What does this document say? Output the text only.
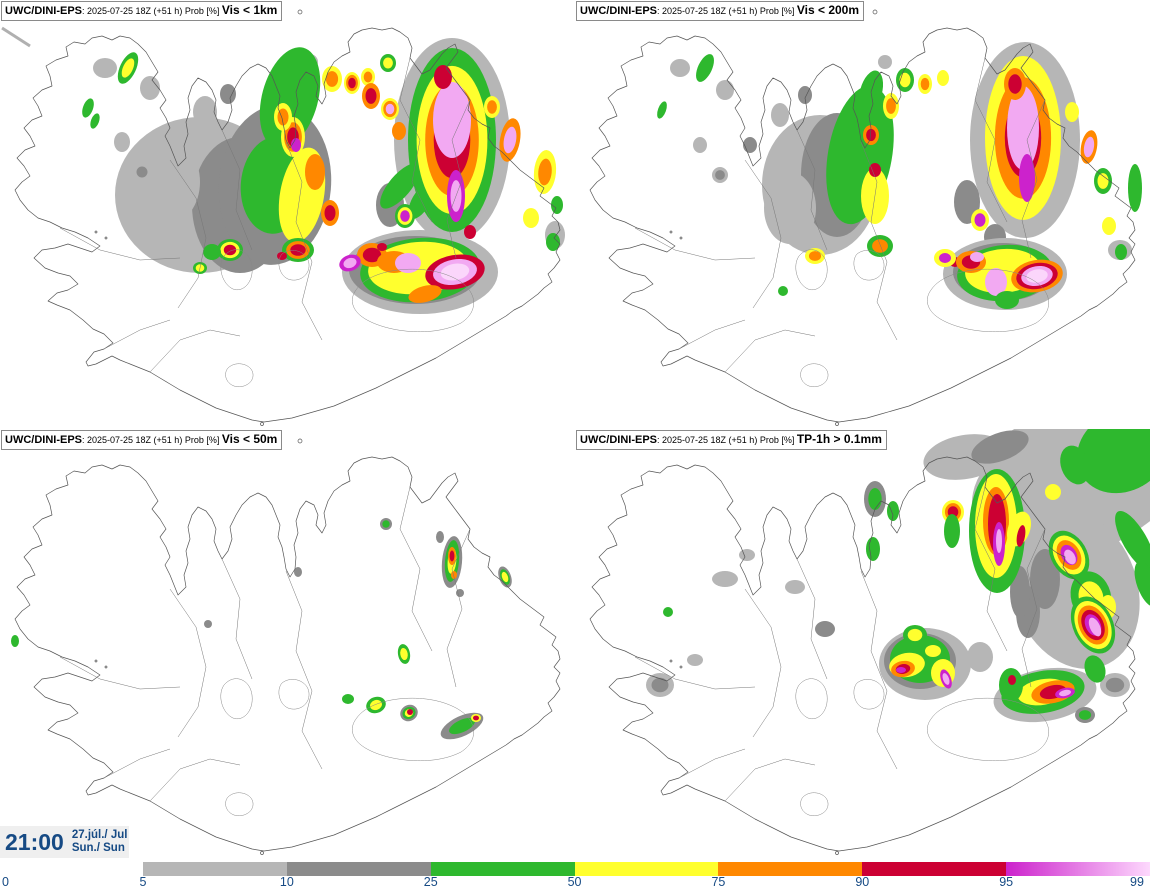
UWC/DINI-EPS: 2025-07-25 18Z (+51 h) Prob [%] Vis < 1km	UWC/DINI-EPS: 2025-07-25 18Z (+51 h) Prob [%] Vis < 200m
UWC/DINI-EPS: 2025-07-25 18Z (+51 h) Prob [%] Vis < 50m	UWC/DINI-EPS: 2025-07-25 18Z (+51 h) Prob [%] TP-1h > 0.1mm
21:00 27.júl./ Jul
Sun./ Sun
0	5	10	25	50	75	90	95	99
